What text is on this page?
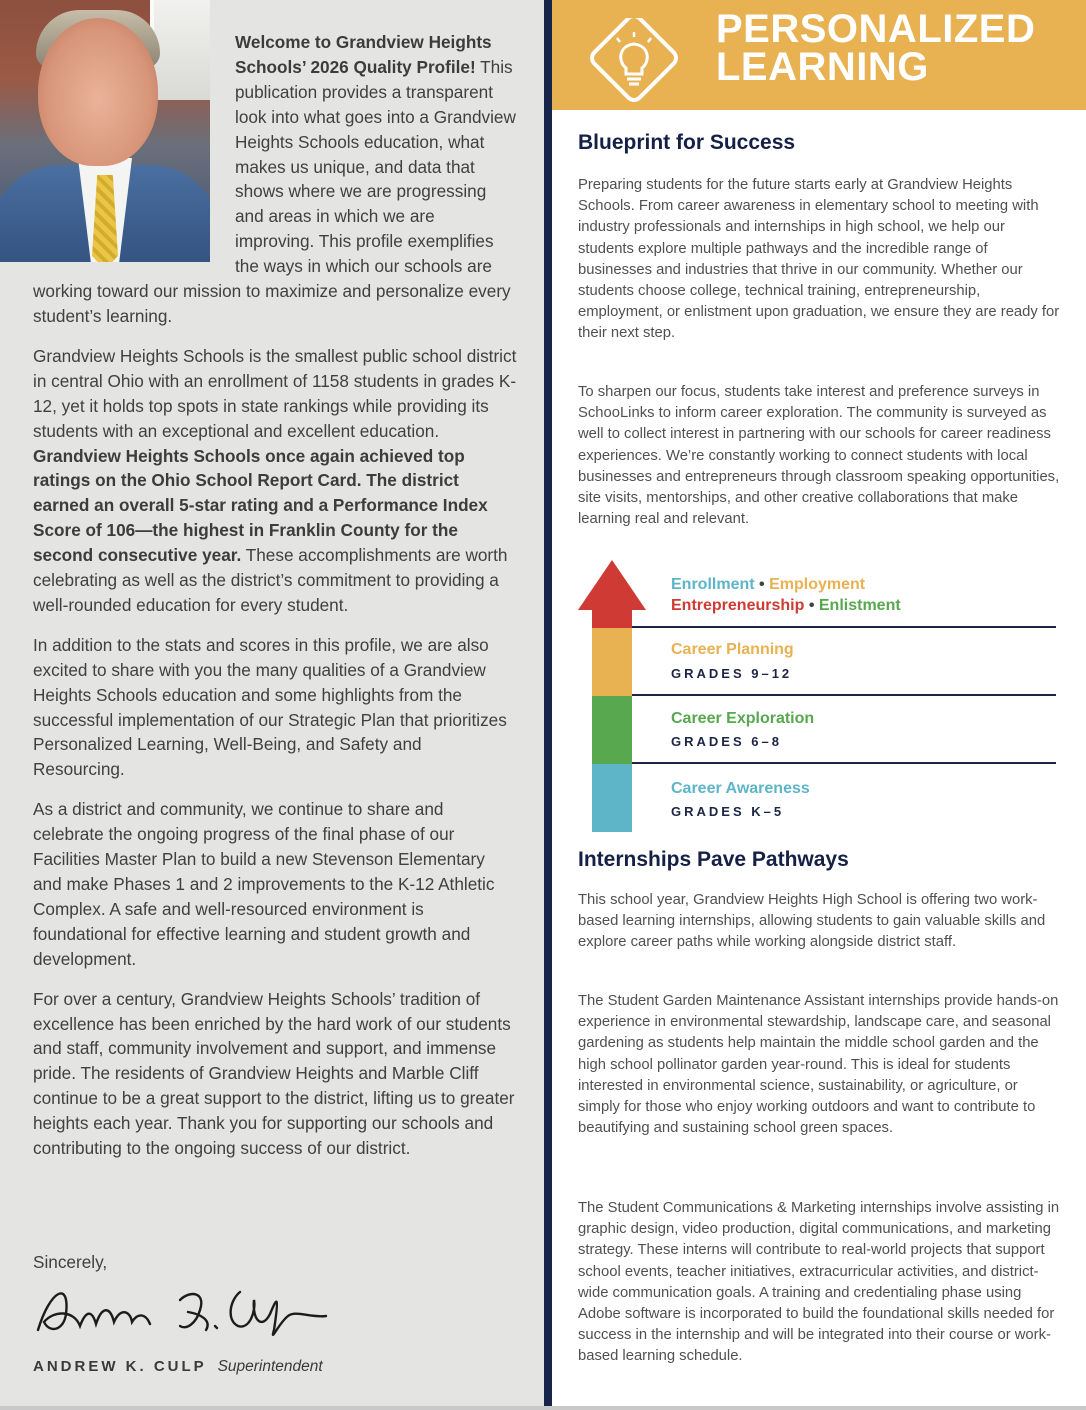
Welcome to Grandview Heights Schools’ 2026 Quality Profile! This publication provides a transparent look into what goes into a Grandview Heights Schools education, what makes us unique, and data that shows where we are progressing and areas in which we are improving. This profile exemplifies the ways in which our schools are working toward our mission to maximize and personalize every student’s learning.

Grandview Heights Schools is the smallest public school district in central Ohio with an enrollment of 1158 students in grades K-12, yet it holds top spots in state rankings while providing its students with an exceptional and excellent education. Grandview Heights Schools once again achieved top ratings on the Ohio School Report Card. The district earned an overall 5-star rating and a Performance Index Score of 106—the highest in Franklin County for the second consecutive year. These accomplishments are worth celebrating as well as the district’s commitment to providing a well-rounded education for every student.

In addition to the stats and scores in this profile, we are also excited to share with you the many qualities of a Grandview Heights Schools education and some highlights from the successful implementation of our Strategic Plan that prioritizes Personalized Learning, Well-Being, and Safety and Resourcing.

As a district and community, we continue to share and celebrate the ongoing progress of the final phase of our Facilities Master Plan to build a new Stevenson Elementary and make Phases 1 and 2 improvements to the K-12 Athletic Complex. A safe and well-resourced environment is foundational for effective learning and student growth and development.

For over a century, Grandview Heights Schools’ tradition of excellence has been enriched by the hard work of our students and staff, community involvement and support, and immense pride. The residents of Grandview Heights and Marble Cliff continue to be a great support to the district, lifting us to greater heights each year. Thank you for supporting our schools and contributing to the ongoing success of our district.

Sincerely,
ANDREW K. CULP Superintendent
PERSONALIZED
LEARNING
Blueprint for Success
Preparing students for the future starts early at Grandview Heights Schools. From career awareness in elementary school to meeting with industry professionals and internships in high school, we help our students explore multiple pathways and the incredible range of businesses and industries that thrive in our community. Whether our students choose college, technical training, entrepreneurship, employment, or enlistment upon graduation, we ensure they are ready for their next step.
To sharpen our focus, students take interest and preference surveys in SchooLinks to inform career exploration. The community is surveyed as well to collect interest in partnering with our schools for career readiness experiences. We’re constantly working to connect students with local businesses and entrepreneurs through classroom speaking opportunities, site visits, mentorships, and other creative collaborations that make learning real and relevant.
Enrollment • Employment
Entrepreneurship • Enlistment
Career Planning
GRADES 9–12
Career Exploration
GRADES 6–8
Career Awareness
GRADES K–5
Internships Pave Pathways
This school year, Grandview Heights High School is offering two work-based learning internships, allowing students to gain valuable skills and explore career paths while working alongside district staff.
The Student Garden Maintenance Assistant internships provide hands-on experience in environmental stewardship, landscape care, and seasonal gardening as students help maintain the middle school garden and the high school pollinator garden year-round. This is ideal for students interested in environmental science, sustainability, or agriculture, or simply for those who enjoy working outdoors and want to contribute to beautifying and sustaining school green spaces.
The Student Communications & Marketing internships involve assisting in graphic design, video production, digital communications, and marketing strategy. These interns will contribute to real-world projects that support school events, teacher initiatives, extracurricular activities, and district-wide communication goals. A training and credentialing phase using Adobe software is incorporated to build the foundational skills needed for success in the internship and will be integrated into their course or work-based learning schedule.
